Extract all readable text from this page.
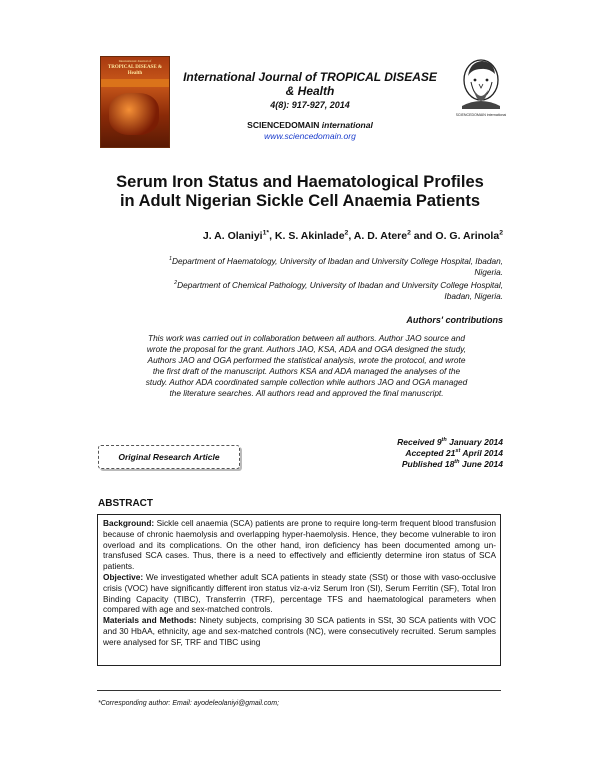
International Journal of
TROPICAL DISEASE &
Health	International Journal of TROPICAL DISEASE
& Health

4(8): 917-927, 2014
SCIENCEDOMAIN international
www.sciencedomain.org
SCIENCEDOMAIN international
Serum Iron Status and Haematological Profiles
in Adult Nigerian Sickle Cell Anaemia Patients
J. A. Olaniyi$^{1*}$, K. S. Akinlade$^2$, A. D. Atere$^2$ and O. G. Arinola$^2$
$^1$Department of Haematology, University of Ibadan and University College Hospital, Ibadan,
Nigeria.
$^2$Department of Chemical Pathology, University of Ibadan and University College Hospital,
Ibadan, Nigeria.
Authors' contributions
This work was carried out in collaboration between all authors. Author JAO source and
wrote the proposal for the grant. Authors JAO, KSA, ADA and OGA designed the study,
Authors JAO and OGA performed the statistical analysis, wrote the protocol, and wrote
the first draft of the manuscript. Authors KSA and ADA managed the analyses of the
study. Author ADA coordinated sample collection while authors JAO and OGA managed
the literature searches. All authors read and approved the final manuscript.
Original Research Article
Received 9th January 2014
Accepted 21st April 2014
Published 18th June 2014
ABSTRACT

Background: Sickle cell anaemia (SCA) patients are prone to require long-term frequent blood transfusion because of chronic haemolysis and overlapping hyper-haemolysis. Hence, they become vulnerable to iron overload and its complications. On the other hand, iron deficiency has been documented among un-transfused SCA cases. Thus, there is a need to effectively and efficiently determine iron status of SCA patients.

Objective: We investigated whether adult SCA patients in steady state (SSt) or those with vaso-occlusive crisis (VOC) have significantly different iron status viz-a-viz Serum Iron (SI), Serum Ferritin (SF), Total Iron Binding Capacity (TIBC), Transferrin (TRF), percentage TFS and haematological parameters when compared with age and sex-matched controls.

Materials and Methods: Ninety subjects, comprising 30 SCA patients in SSt, 30 SCA patients with VOC and 30 HbAA, ethnicity, age and sex-matched controls (NC), were consecutively recruited. Serum samples were analysed for SF, TRF and TIBC using

*Corresponding author: Email: ayodeleolaniyi@gmail.com;
